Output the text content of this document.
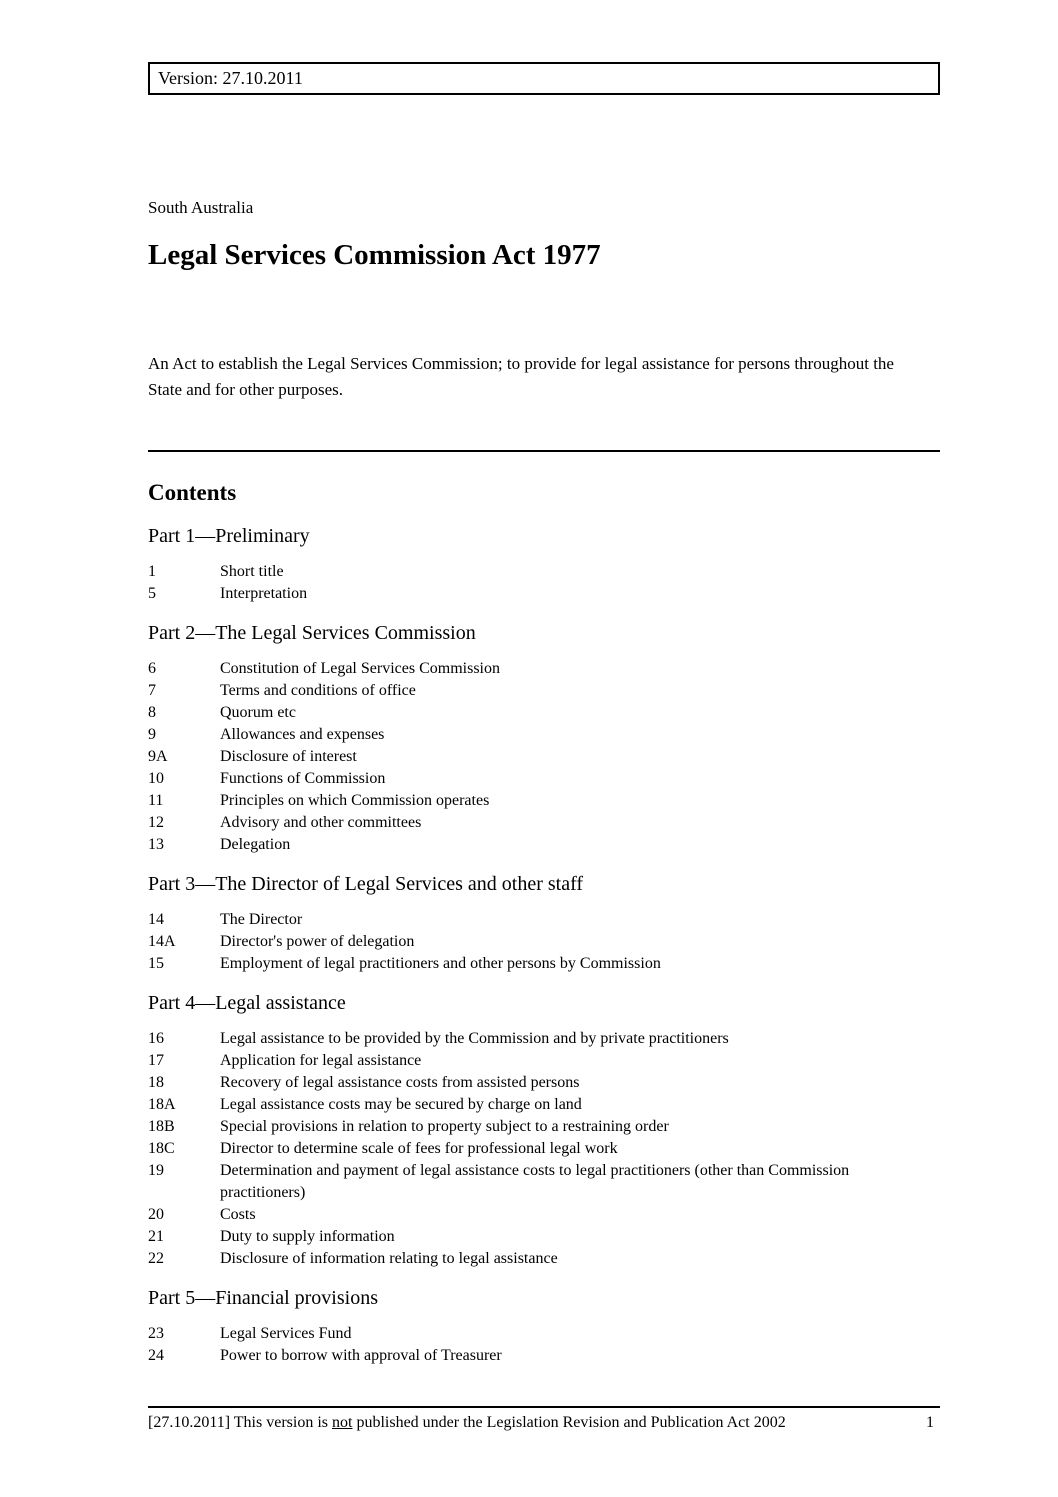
Version: 27.10.2011
South Australia
Legal Services Commission Act 1977

An Act to establish the Legal Services Commission; to provide for legal assistance for persons throughout the State and for other purposes.

Contents
Part 1—Preliminary
1	Short title
5	Interpretation
Part 2—The Legal Services Commission
6	Constitution of Legal Services Commission
7	Terms and conditions of office
8	Quorum etc
9	Allowances and expenses
9A	Disclosure of interest
10	Functions of Commission
11	Principles on which Commission operates
12	Advisory and other committees
13	Delegation
Part 3—The Director of Legal Services and other staff
14	The Director
14A	Director's power of delegation
15	Employment of legal practitioners and other persons by Commission
Part 4—Legal assistance
16	Legal assistance to be provided by the Commission and by private practitioners
17	Application for legal assistance
18	Recovery of legal assistance costs from assisted persons
18A	Legal assistance costs may be secured by charge on land
18B	Special provisions in relation to property subject to a restraining order
18C	Director to determine scale of fees for professional legal work
19	Determination and payment of legal assistance costs to legal practitioners (other than Commission practitioners)
20	Costs
21	Duty to supply information
22	Disclosure of information relating to legal assistance
Part 5—Financial provisions
23	Legal Services Fund
24	Power to borrow with approval of Treasurer
[27.10.2011] This version is not published under the Legislation Revision and Publication Act 2002	1
